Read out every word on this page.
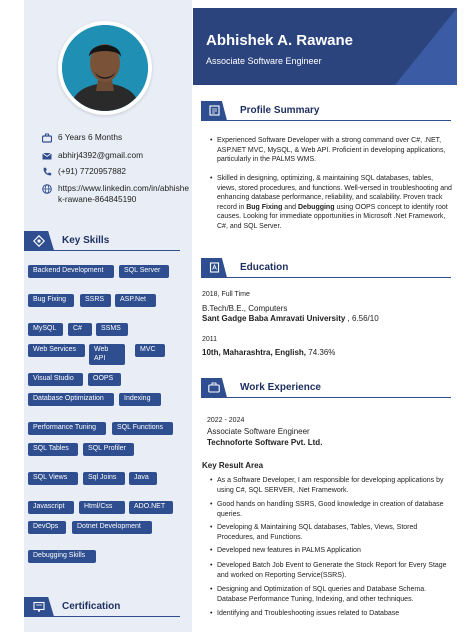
6 Years 6 Months
abhirj4392@gmail.com
(+91) 7720957882
https://www.linkedin.com/in/abhishek-rawane-864845190
Key Skills
Backend Development	SQL Server
Bug Fixing	SSRS	ASP.Net
MySQL	C#	SSMS
Web Services	Web API
MVC
Visual Studio	OOPS
Database Optimization	Indexing
Performance Tuning	SQL Functions
SQL Tables	SQL Profiler
SQL Views	Sql Joins	Java
Javascript	Html/Css	ADO.NET
DevOps	Dotnet Development
Debugging Skills
Certification
Abhishek A. Rawane
Associate Software Engineer
Profile Summary
• Experienced Software Developer with a strong command over C#, .NET, ASP.NET MVC, MySQL, & Web API. Proficient in developing applications, particularly in the PALMS WMS.
• Skilled in designing, optimizing, & maintaining SQL databases, tables, views, stored procedures, and functions. Well-versed in troubleshooting and enhancing database performance, reliability, and scalability. Proven track record in Bug Fixing and Debugging using OOPS concept to identify root causes. Looking for immediate opportunities in Microsoft .Net Framework, C#, and SQL Server.
Education
2018, Full Time
B.Tech/B.E., Computers
Sant Gadge Baba Amravati University , 6.56/10
2011
10th, Maharashtra, English, 74.36%
Work Experience
2022 - 2024
Associate Software Engineer
Technoforte Software Pvt. Ltd.
Key Result Area
• As a Software Developer, I am responsible for developing applications by using C#, SQL SERVER, .Net Framework.
• Good hands on handling SSRS, Good knowledge in creation of database queries.
• Developing & Maintaining SQL databases, Tables, Views, Stored Procedures, and Functions.
• Developed new features in PALMS Application
• Developed Batch Job Event to Generate the Stock Report for Every Stage and worked on Reporting Service(SSRS).
• Designing and Optimization of SQL queries and Database Schema. Database Performance Tuning, Indexing, and other techniques.
• Identifying and Troubleshooting issues related to Database
